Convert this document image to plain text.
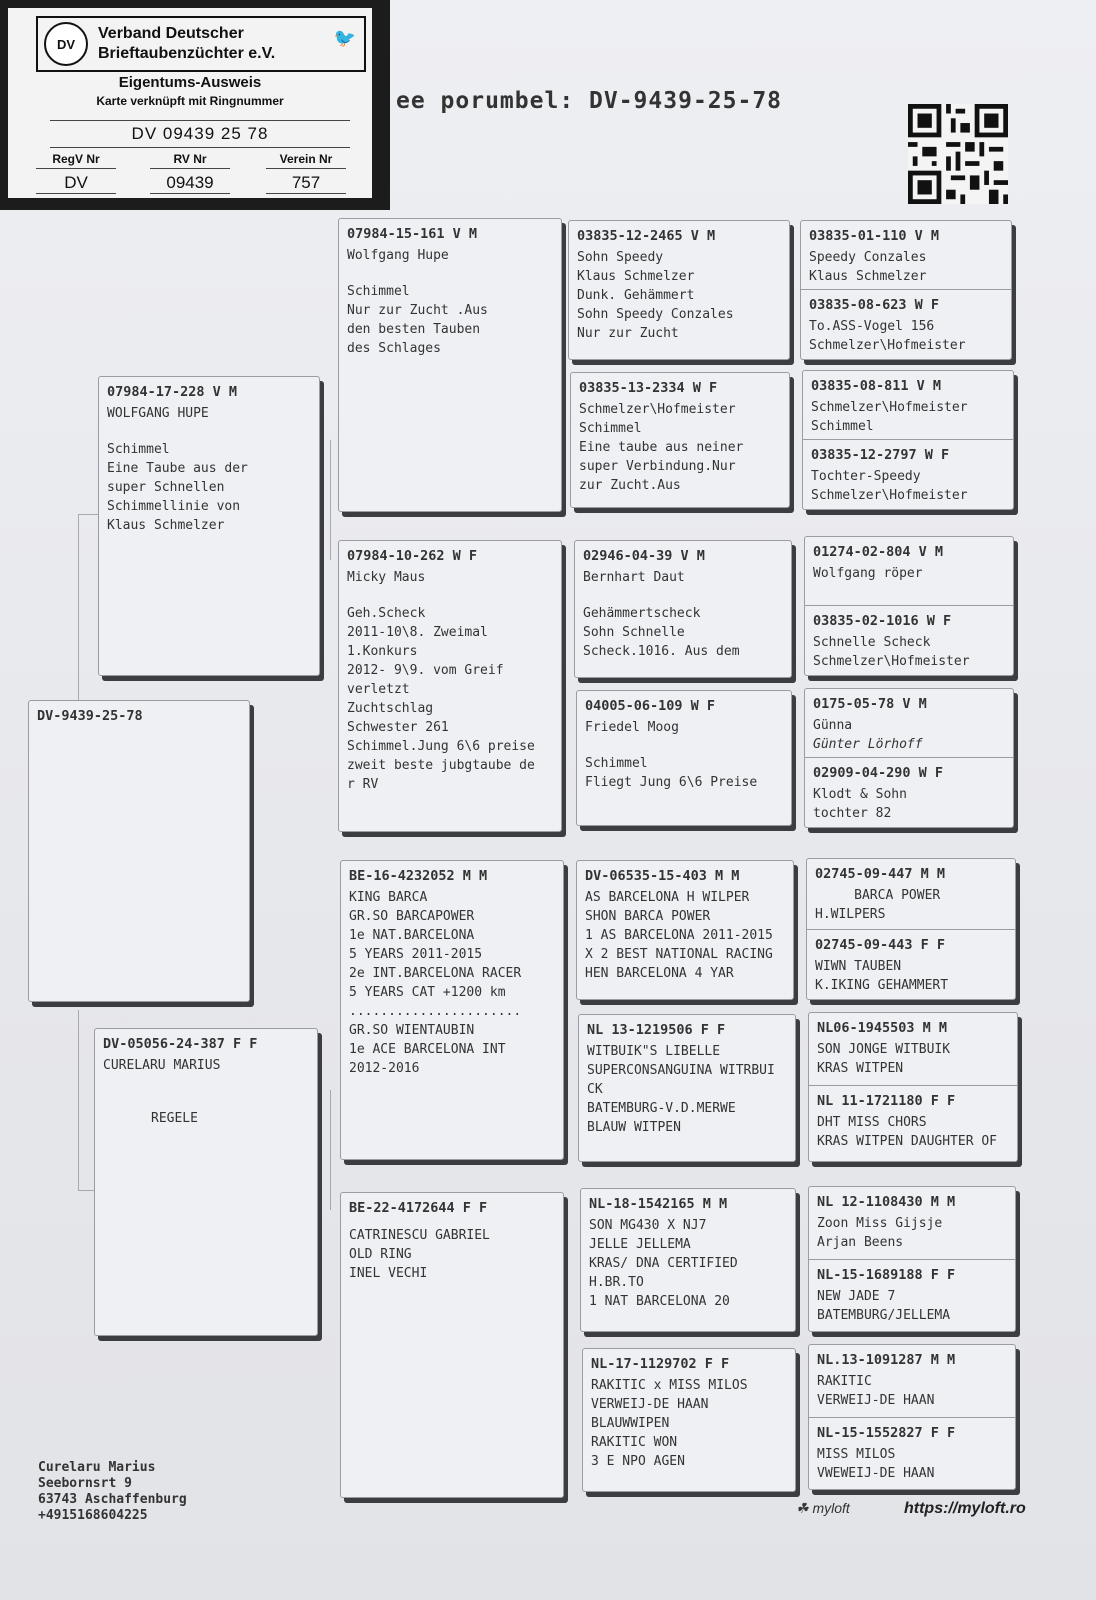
DV
Verband Deutscher
Brieftaubenzüchter e.V.
🐦
Eigentums-Ausweis
Karte verknüpft mit Ringnummer
DV 09439 25 78
RegV Nr
DV
RV Nr
09439
Verein Nr
757
ee porumbel: DV-9439-25-78
DV-9439-25-78
07984-17-228 V M
WOLFGANG HUPE
Schimmel
Eine Taube aus der
super Schnellen
Schimmellinie von
Klaus Schmelzer
DV-05056-24-387 F F
CURELARU MARIUS
REGELE
07984-15-161 V M
Wolfgang Hupe
Schimmel
Nur zur Zucht .Aus
den besten Tauben
des Schlages
07984-10-262 W F
Micky Maus
Geh.Scheck
2011-10\8. Zweimal
1.Konkurs
2012- 9\9. vom Greif
verletzt
Zuchtschlag
Schwester 261
Schimmel.Jung 6\6 preise
zweit beste jubgtaube de
r RV
BE-16-4232052 M M
KING BARCA
GR.SO BARCAPOWER
1e NAT.BARCELONA
5 YEARS 2011-2015
2e INT.BARCELONA RACER
5 YEARS CAT +1200 km
......................
GR.SO WIENTAUBIN
1e ACE BARCELONA INT
2012-2016
BE-22-4172644 F F
CATRINESCU GABRIEL
OLD RING
INEL VECHI
03835-12-2465 V M
Sohn Speedy
Klaus Schmelzer
Dunk. Gehämmert
Sohn Speedy Conzales
Nur zur Zucht
03835-13-2334 W F
Schmelzer\Hofmeister
Schimmel
Eine taube aus neiner
super Verbindung.Nur
zur Zucht.Aus
02946-04-39 V M
Bernhart Daut
Gehämmertscheck
Sohn Schnelle
Scheck.1016. Aus dem
04005-06-109 W F
Friedel Moog
Schimmel
Fliegt Jung 6\6 Preise
DV-06535-15-403 M M
AS BARCELONA H WILPER
SHON BARCA POWER
1 AS BARCELONA 2011-2015
X 2 BEST NATIONAL RACING
HEN BARCELONA 4 YAR
NL 13-1219506 F F
WITBUIK"S LIBELLE
SUPERCONSANGUINA WITRBUI
CK
BATEMBURG-V.D.MERWE
BLAUW WITPEN
NL-18-1542165 M M
SON MG430 X NJ7
JELLE JELLEMA
KRAS/ DNA CERTIFIED
H.BR.TO
1 NAT BARCELONA 20
NL-17-1129702 F F
RAKITIC x MISS MILOS
VERWEIJ-DE HAAN
BLAUWWIPEN
RAKITIC WON
3 E NPO AGEN
03835-01-110 V M
Speedy Conzales
Klaus Schmelzer
03835-08-623 W F
To.ASS-Vogel 156
Schmelzer\Hofmeister
03835-08-811 V M
Schmelzer\Hofmeister
Schimmel
03835-12-2797 W F
Tochter-Speedy
Schmelzer\Hofmeister
01274-02-804 V M
Wolfgang röper
03835-02-1016 W F
Schnelle Scheck
Schmelzer\Hofmeister
0175-05-78 V M
Günna
Günter Lörhoff
02909-04-290 W F
Klodt & Sohn
tochter 82
02745-09-447 M M
BARCA POWER
H.WILPERS
02745-09-443 F F
WIWN TAUBEN
K.IKING GEHAMMERT
NL06-1945503 M M
SON JONGE WITBUIK
KRAS WITPEN
NL 11-1721180 F F
DHT MISS CHORS
KRAS WITPEN DAUGHTER OF
NL 12-1108430 M M
Zoon Miss Gijsje
Arjan Beens
NL-15-1689188 F F
NEW JADE 7
BATEMBURG/JELLEMA
NL.13-1091287 M M
RAKITIC
VERWEIJ-DE HAAN
NL-15-1552827 F F
MISS MILOS
VWEWEIJ-DE HAAN
Curelaru Marius
Seebornsrt 9
63743 Aschaffenburg
+4915168604225	☘ myloft	https://myloft.ro
